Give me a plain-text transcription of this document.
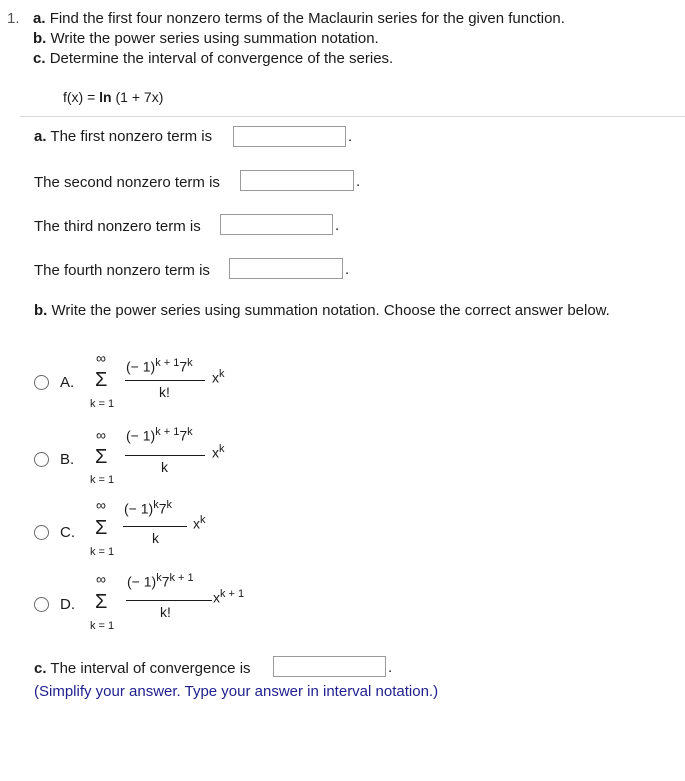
1. a. Find the first four nonzero terms of the Maclaurin series for the given function.
b. Write the power series using summation notation.
c. Determine the interval of convergence of the series.
f(x) = ln (1 + 7x)
a. The first nonzero term is	.
The second nonzero term is	.
The third nonzero term is	.
The fourth nonzero term is	.
b. Write the power series using summation notation. Choose the correct answer below.
A.
∞
Σ
k = 1
(− $1)^{k + 1}7^k$
k!
$x^k$
B.
∞
Σ
k = 1
(− $1)^{k + 1}7^k$
k
$x^k$
C.
∞
Σ
k = 1
(− $1)^k7^k$
k
$x^k$
D.
∞
Σ
k = 1
(− $1)^k7^{k + 1}$
k!
$x^{k + 1}$
c. The interval of convergence is	.
(Simplify your answer. Type your answer in interval notation.)
